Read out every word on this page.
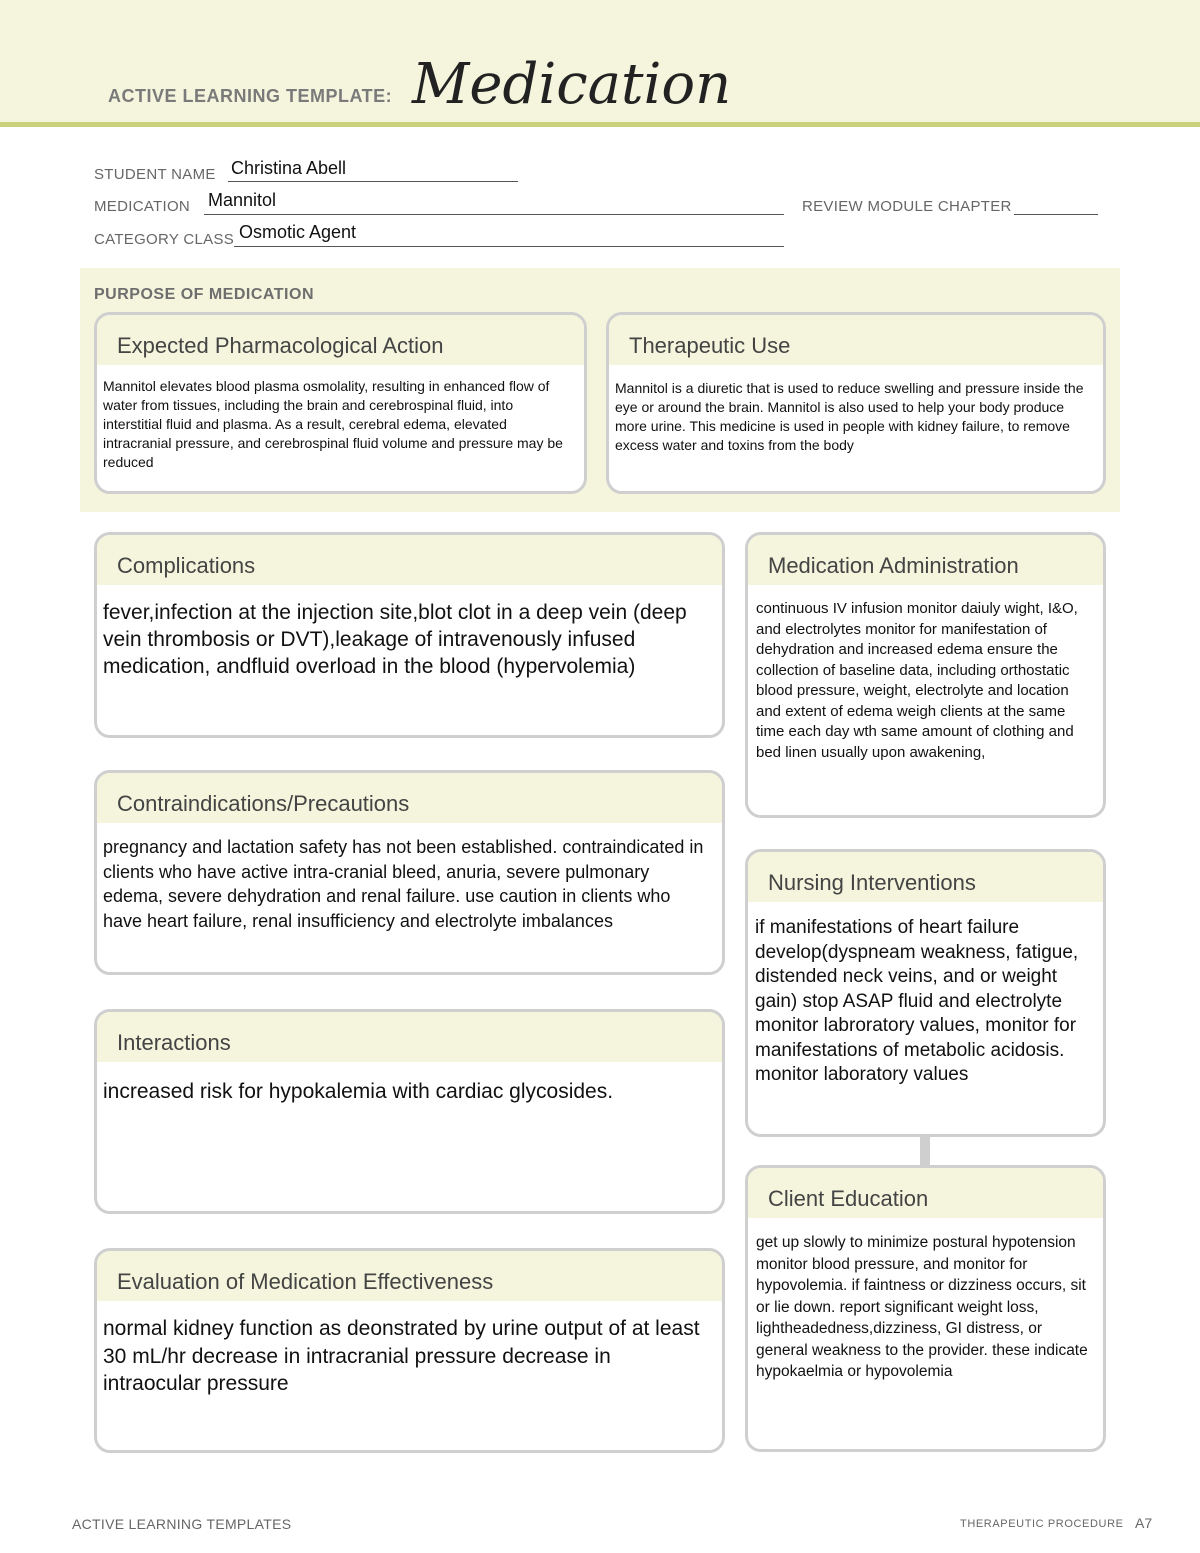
ACTIVE LEARNING TEMPLATE: Medication
STUDENT NAME Christina Abell
MEDICATION Mannitol	REVIEW MODULE CHAPTER
CATEGORY CLASS Osmotic Agent
PURPOSE OF MEDICATION
Expected Pharmacological Action
Mannitol elevates blood plasma osmolality, resulting in enhanced flow of water from tissues, including the brain and cerebrospinal fluid, into interstitial fluid and plasma. As a result, cerebral edema, elevated intracranial pressure, and cerebrospinal fluid volume and pressure may be reduced
Therapeutic Use
Mannitol is a diuretic that is used to reduce swelling and pressure inside the eye or around the brain. Mannitol is also used to help your body produce more urine. This medicine is used in people with kidney failure, to remove excess water and toxins from the body
Complications
fever,infection at the injection site,blot clot in a deep vein (deep vein thrombosis or DVT),leakage of intravenously infused medication, andfluid overload in the blood (hypervolemia)
Contraindications/Precautions
pregnancy and lactation safety has not been established. contraindicated in clients who have active intra-cranial bleed, anuria, severe pulmonary edema, severe dehydration and renal failure. use caution in clients who have heart failure, renal insufficiency and electrolyte imbalances
Interactions
increased risk for hypokalemia with cardiac glycosides.
Evaluation of Medication Effectiveness
normal kidney function as deonstrated by urine output of at least 30 mL/hr decrease in intracranial pressure decrease in intraocular pressure
Medication Administration
continuous IV infusion monitor daiuly wight, I&O, and electrolytes monitor for manifestation of dehydration and increased edema ensure the collection of baseline data, including orthostatic blood pressure, weight, electrolyte and location and extent of edema weigh clients at the same time each day wth same amount of clothing and bed linen usually upon awakening,
Nursing Interventions
if manifestations of heart failure develop(dyspneam weakness, fatigue, distended neck veins, and or weight gain) stop ASAP fluid and electrolyte monitor labroratory values, monitor for manifestations of metabolic acidosis. monitor laboratory values
Client Education
get up slowly to minimize postural hypotension monitor blood pressure, and monitor for hypovolemia. if faintness or dizziness occurs, sit or lie down. report significant weight loss, lightheadedness,dizziness, GI distress, or general weakness to the provider. these indicate hypokaelmia or hypovolemia
ACTIVE LEARNING TEMPLATES	THERAPEUTIC PROCEDURE A7
